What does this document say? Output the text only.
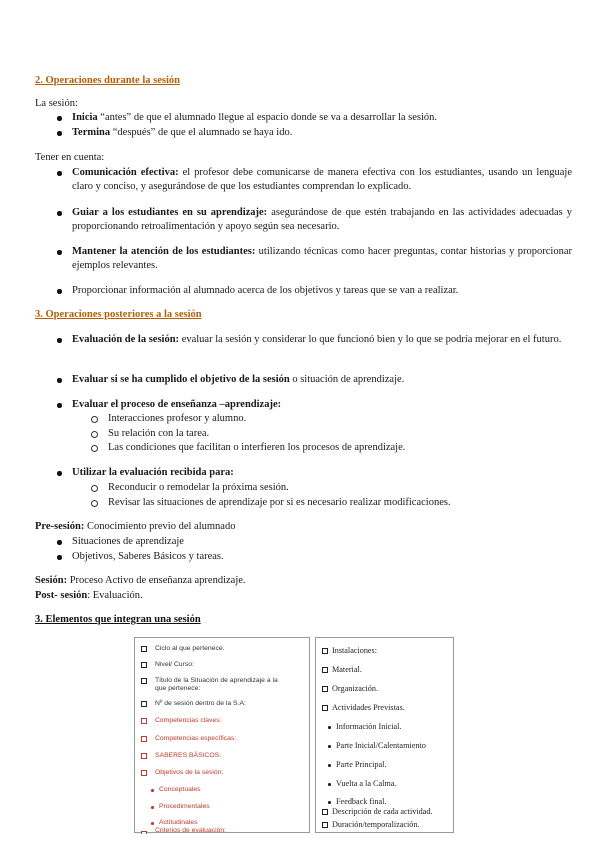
2. Operaciones durante la sesión
La sesión:
Inicia “antes” de que el alumnado llegue al espacio donde se va a desarrollar la sesión.
Termina “después” de que el alumnado se haya ido.
Tener en cuenta:
Comunicación efectiva: el profesor debe comunicarse de manera efectiva con los estudiantes, usando un lenguaje claro y conciso, y asegurándose de que los estudiantes comprendan lo explicado.
Guiar a los estudiantes en su aprendizaje: asegurándose de que estén trabajando en las actividades adecuadas y proporcionando retroalimentación y apoyo según sea necesario.
Mantener la atención de los estudiantes: utilizando técnicas como hacer preguntas, contar historias y proporcionar ejemplos relevantes.
Proporcionar información al alumnado acerca de los objetivos y tareas que se van a realizar.
3. Operaciones posteriores a la sesión
Evaluación de la sesión: evaluar la sesión y considerar lo que funcionó bien y lo que se podría mejorar en el futuro.
Evaluar si se ha cumplido el objetivo de la sesión o situación de aprendizaje.
Evaluar el proceso de enseñanza –aprendizaje:
Interacciones profesor y alumno.
Su relación con la tarea.
Las condiciones que facilitan o interfieren los procesos de aprendizaje.
Utilizar la evaluación recibida para:
Reconducir o remodelar la próxima sesión.
Revisar las situaciones de aprendizaje por si es necesario realizar modificaciones.
Pre-sesión: Conocimiento previo del alumnado
Situaciones de aprendizaje
Objetivos, Saberes Básicos y tareas.
Sesión: Proceso Activo de enseñanza aprendizaje.
Post- sesión: Evaluación.
3. Elementos que integran una sesión
Ciclo al que pertenece.
Nivel/ Curso:
Título de la Situación de aprendizaje a la
que pertenece:
Nº de sesión dentro de la S.A:
Competencias claves:
Competencias específicas:
SABERES BÁSICOS:
Objetivos de la sesión:
Conceptuales
Procedimentales
Actitudinales
Criterios de evaluación:
Instalaciones:
Material.
Organización.
Actividades Previstas.
Información Inicial.
Parte Inicial/Calentamiento
Parte Principal.
Vuelta a la Calma.
Feedback final.
Descripción de cada actividad.
Duración/temporalización.
